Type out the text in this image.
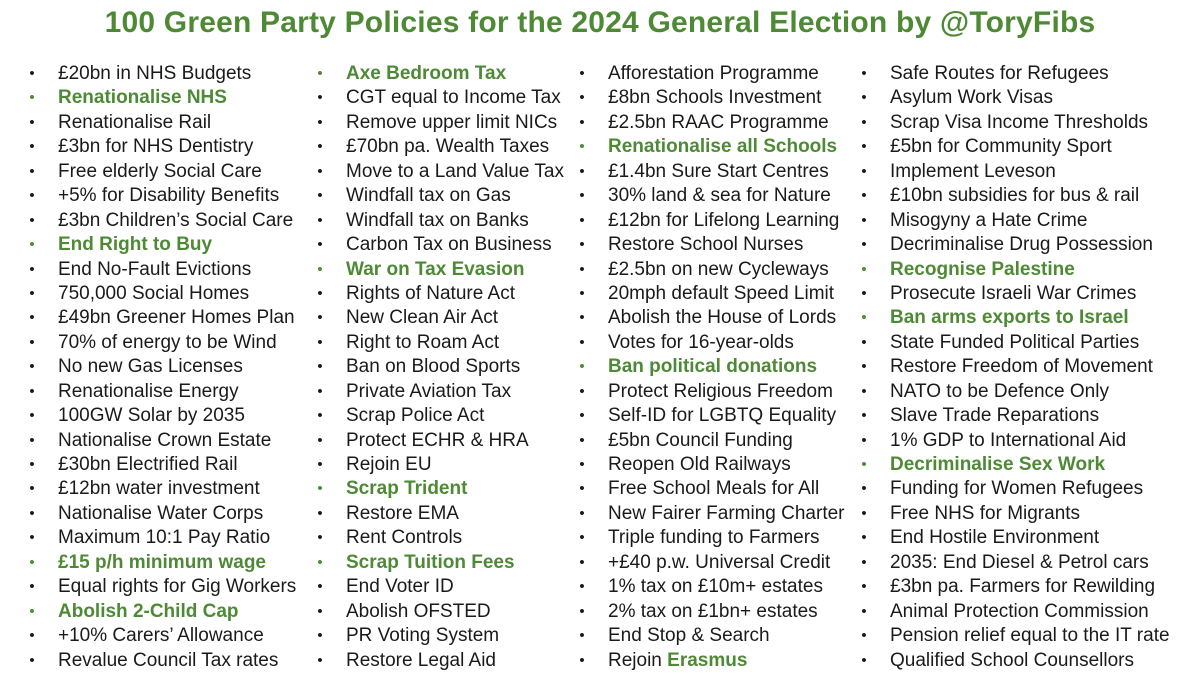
100 Green Party Policies for the 2024 General Election by @ToryFibs
• £20bn in NHS Budgets
• Renationalise NHS
• Renationalise Rail
• £3bn for NHS Dentistry
• Free elderly Social Care
• +5% for Disability Benefits
• £3bn Children’s Social Care
• End Right to Buy
• End No-Fault Evictions
• 750,000 Social Homes
• £49bn Greener Homes Plan
• 70% of energy to be Wind
• No new Gas Licenses
• Renationalise Energy
• 100GW Solar by 2035
• Nationalise Crown Estate
• £30bn Electrified Rail
• £12bn water investment
• Nationalise Water Corps
• Maximum 10:1 Pay Ratio
• £15 p/h minimum wage
• Equal rights for Gig Workers
• Abolish 2-Child Cap
• +10% Carers’ Allowance
• Revalue Council Tax rates
• Axe Bedroom Tax
• CGT equal to Income Tax
• Remove upper limit NICs
• £70bn pa. Wealth Taxes
• Move to a Land Value Tax
• Windfall tax on Gas
• Windfall tax on Banks
• Carbon Tax on Business
• War on Tax Evasion
• Rights of Nature Act
• New Clean Air Act
• Right to Roam Act
• Ban on Blood Sports
• Private Aviation Tax
• Scrap Police Act
• Protect ECHR & HRA
• Rejoin EU
• Scrap Trident
• Restore EMA
• Rent Controls
• Scrap Tuition Fees
• End Voter ID
• Abolish OFSTED
• PR Voting System
• Restore Legal Aid
• Afforestation Programme
• £8bn Schools Investment
• £2.5bn RAAC Programme
• Renationalise all Schools
• £1.4bn Sure Start Centres
• 30% land & sea for Nature
• £12bn for Lifelong Learning
• Restore School Nurses
• £2.5bn on new Cycleways
• 20mph default Speed Limit
• Abolish the House of Lords
• Votes for 16-year-olds
• Ban political donations
• Protect Religious Freedom
• Self-ID for LGBTQ Equality
• £5bn Council Funding
• Reopen Old Railways
• Free School Meals for All
• New Fairer Farming Charter
• Triple funding to Farmers
• +£40 p.w. Universal Credit
• 1% tax on £10m+ estates
• 2% tax on £1bn+ estates
• End Stop & Search
• Rejoin Erasmus
• Safe Routes for Refugees
• Asylum Work Visas
• Scrap Visa Income Thresholds
• £5bn for Community Sport
• Implement Leveson
• £10bn subsidies for bus & rail
• Misogyny a Hate Crime
• Decriminalise Drug Possession
• Recognise Palestine
• Prosecute Israeli War Crimes
• Ban arms exports to Israel
• State Funded Political Parties
• Restore Freedom of Movement
• NATO to be Defence Only
• Slave Trade Reparations
• 1% GDP to International Aid
• Decriminalise Sex Work
• Funding for Women Refugees
• Free NHS for Migrants
• End Hostile Environment
• 2035: End Diesel & Petrol cars
• £3bn pa. Farmers for Rewilding
• Animal Protection Commission
• Pension relief equal to the IT rate
• Qualified School Counsellors
